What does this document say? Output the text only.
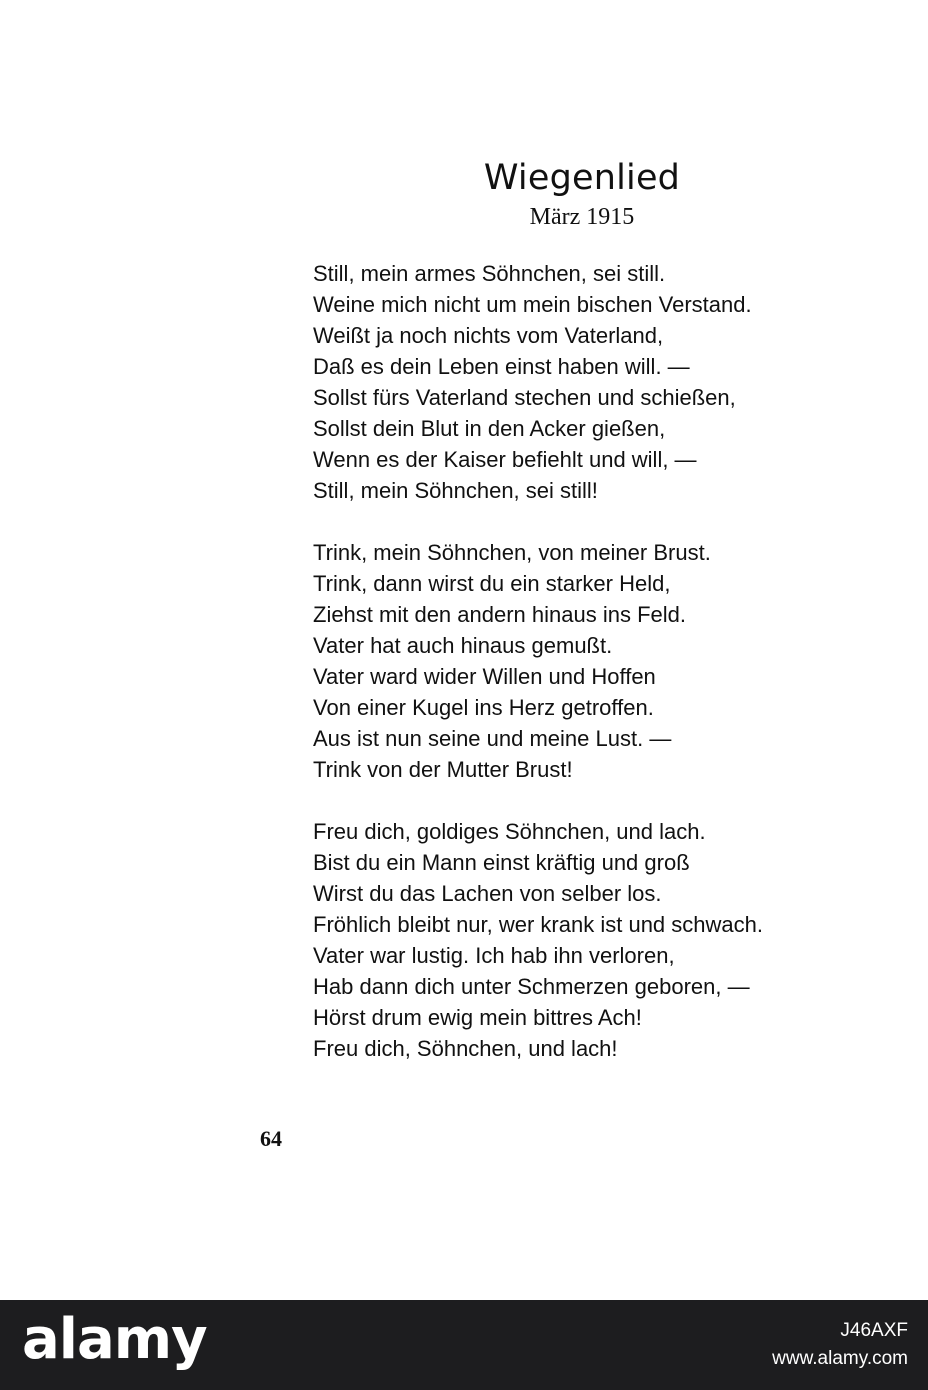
Wiegenlied
März 1915
Still, mein armes Söhnchen, sei still.
Weine mich nicht um mein bischen Verstand.
Weißt ja noch nichts vom Vaterland,
Daß es dein Leben einst haben will. —
Sollst fürs Vaterland stechen und schießen,
Sollst dein Blut in den Acker gießen,
Wenn es der Kaiser befiehlt und will, —
Still, mein Söhnchen, sei still!
Trink, mein Söhnchen, von meiner Brust.
Trink, dann wirst du ein starker Held,
Ziehst mit den andern hinaus ins Feld.
Vater hat auch hinaus gemußt.
Vater ward wider Willen und Hoffen
Von einer Kugel ins Herz getroffen.
Aus ist nun seine und meine Lust. —
Trink von der Mutter Brust!
Freu dich, goldiges Söhnchen, und lach.
Bist du ein Mann einst kräftig und groß
Wirst du das Lachen von selber los.
Fröhlich bleibt nur, wer krank ist und schwach.
Vater war lustig. Ich hab ihn verloren,
Hab dann dich unter Schmerzen geboren, —
Hörst drum ewig mein bittres Ach!
Freu dich, Söhnchen, und lach!
64
alamy	J46AXF
www.alamy.com
